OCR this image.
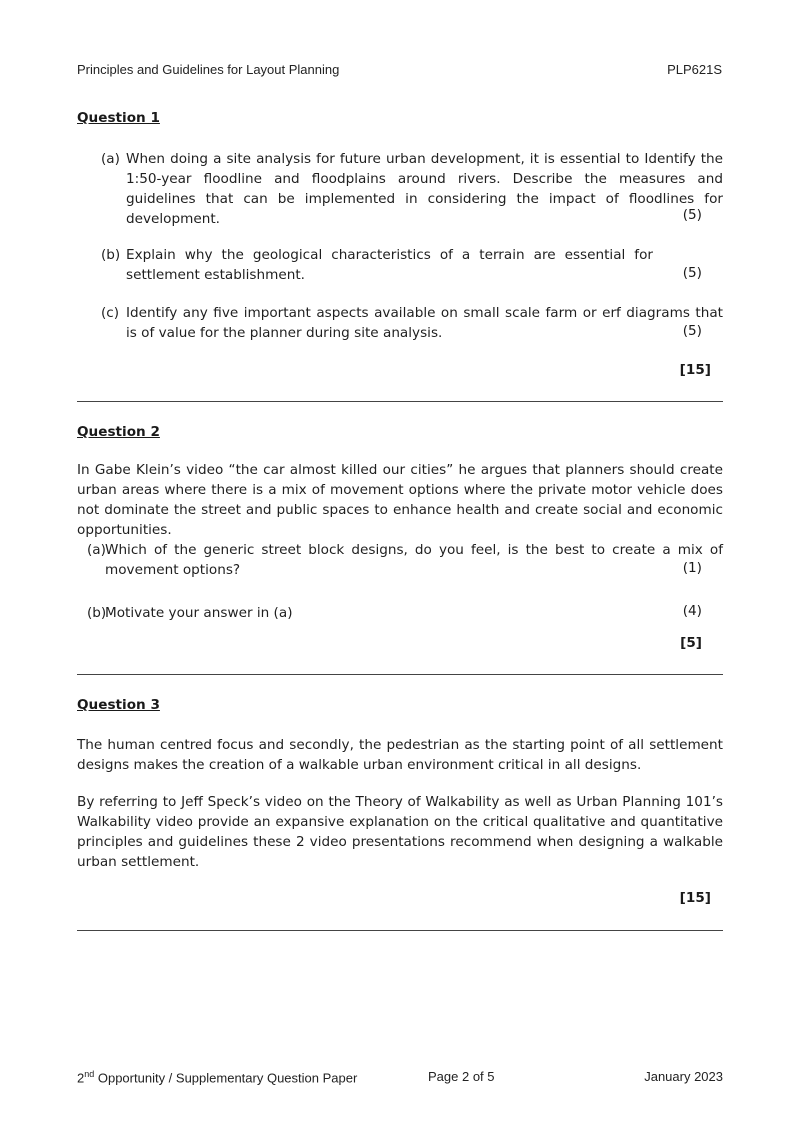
Principles and Guidelines for Layout Planning	PLP621S
Question 1
(a) When doing a site analysis for future urban development, it is essential to Identify the 1:50-year floodline and floodplains around rivers. Describe the measures and guidelines that can be implemented in considering the impact of floodlines for development.	(5)
(b) Explain why the geological characteristics of a terrain are essential for settlement establishment.	(5)
(c) Identify any five important aspects available on small scale farm or erf diagrams that is of value for the planner during site analysis.	(5)
[15]
Question 2
In Gabe Klein’s video “the car almost killed our cities” he argues that planners should create urban areas where there is a mix of movement options where the private motor vehicle does not dominate the street and public spaces to enhance health and create social and economic opportunities.
(a) Which of the generic street block designs, do you feel, is the best to create a mix of movement options?	(1)
(b)
Motivate your answer in (a)	(4)
[5]
Question 3
The human centred focus and secondly, the pedestrian as the starting point of all settlement designs makes the creation of a walkable urban environment critical in all designs.
By referring to Jeff Speck’s video on the Theory of Walkability as well as Urban Planning 101’s Walkability video provide an expansive explanation on the critical qualitative and quantitative principles and guidelines these 2 video presentations recommend when designing a walkable urban settlement.
[15]
2nd Opportunity / Supplementary Question Paper	Page 2 of 5	January 2023
